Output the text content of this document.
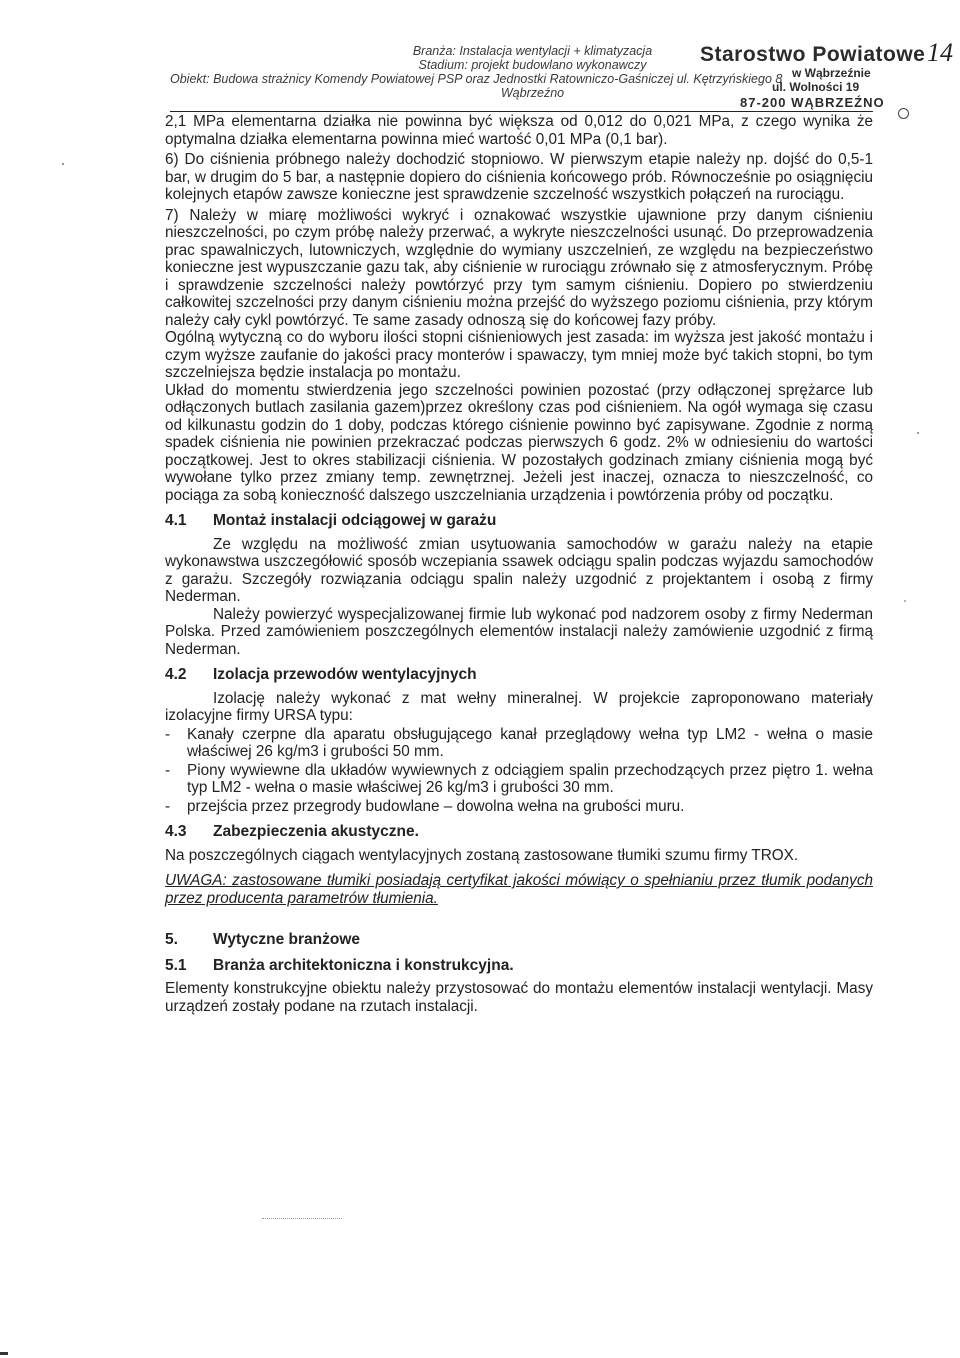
Branża: Instalacja wentylacji + klimatyzacja
Stadium: projekt budowlano wykonawczy
Obiekt: Budowa strażnicy Komendy Powiatowej PSP oraz Jednostki Ratowniczo-Gaśniczej ul. Kętrzyńskiego 8
Wąbrzeźno
Starostwo Powiatowe
w Wąbrzeźnie
ul. Wolności 19
87-200 WĄBRZEŹNO
14

2,1 MPa elementarna działka nie powinna być większa od 0,012 do 0,021 MPa, z czego wynika że optymalna działka elementarna powinna mieć wartość 0,01 MPa (0,1 bar).

6) Do ciśnienia próbnego należy dochodzić stopniowo. W pierwszym etapie należy np. dojść do 0,5-1 bar, w drugim do 5 bar, a następnie dopiero do ciśnienia końcowego prób. Równocześnie po osiągnięciu kolejnych etapów zawsze konieczne jest sprawdzenie szczelność wszystkich połączeń na rurociągu.

7) Należy w miarę możliwości wykryć i oznakować wszystkie ujawnione przy danym ciśnieniu nieszczelności, po czym próbę należy przerwać, a wykryte nieszczelności usunąć. Do przeprowadzenia prac spawalniczych, lutowniczych, względnie do wymiany uszczelnień, ze względu na bezpieczeństwo konieczne jest wypuszczanie gazu tak, aby ciśnienie w rurociągu zrównało się z atmosferycznym. Próbę i sprawdzenie szczelności należy powtórzyć przy tym samym ciśnieniu. Dopiero po stwierdzeniu całkowitej szczelności przy danym ciśnieniu można przejść do wyższego poziomu ciśnienia, przy którym należy cały cykl powtórzyć. Te same zasady odnoszą się do końcowej fazy próby.

Ogólną wytyczną co do wyboru ilości stopni ciśnieniowych jest zasada: im wyższa jest jakość montażu i czym wyższe zaufanie do jakości pracy monterów i spawaczy, tym mniej może być takich stopni, bo tym szczelniejsza będzie instalacja po montażu.

Układ do momentu stwierdzenia jego szczelności powinien pozostać (przy odłączonej sprężarce lub odłączonych butlach zasilania gazem)przez określony czas pod ciśnieniem. Na ogół wymaga się czasu od kilkunastu godzin do 1 doby, podczas którego ciśnienie powinno być zapisywane. Zgodnie z normą spadek ciśnienia nie powinien przekraczać podczas pierwszych 6 godz. 2% w odniesieniu do wartości początkowej. Jest to okres stabilizacji ciśnienia. W pozostałych godzinach zmiany ciśnienia mogą być wywołane tylko przez zmiany temp. zewnętrznej. Jeżeli jest inaczej, oznacza to nieszczelność, co pociąga za sobą konieczność dalszego uszczelniania urządzenia i powtórzenia próby od początku.

4.1 Montaż instalacji odciągowej w garażu

Ze względu na możliwość zmian usytuowania samochodów w garażu należy na etapie wykonawstwa uszczegółowić sposób wczepiania ssawek odciągu spalin podczas wyjazdu samochodów z garażu. Szczegóły rozwiązania odciągu spalin należy uzgodnić z projektantem i osobą z firmy Nederman.

Należy powierzyć wyspecjalizowanej firmie lub wykonać pod nadzorem osoby z firmy Nederman Polska. Przed zamówieniem poszczególnych elementów instalacji należy zamówienie uzgodnić z firmą Nederman.

4.2 Izolacja przewodów wentylacyjnych

Izolację należy wykonać z mat wełny mineralnej. W projekcie zaproponowano materiały izolacyjne firmy URSA typu:

-	Kanały czerpne dla aparatu obsługującego kanał przeglądowy wełna typ LM2 - wełna o masie właściwej 26 kg/m3 i grubości 50 mm.
-	Piony wywiewne dla układów wywiewnych z odciągiem spalin przechodzących przez piętro 1. wełna typ LM2 - wełna o masie właściwej 26 kg/m3 i grubości 30 mm.
-	przejścia przez przegrody budowlane – dowolna wełna na grubości muru.
4.3 Zabezpieczenia akustyczne.

Na poszczególnych ciągach wentylacyjnych zostaną zastosowane tłumiki szumu firmy TROX.

UWAGA: zastosowane tłumiki posiadają certyfikat jakości mówiący o spełnianiu przez tłumik podanych przez producenta parametrów tłumienia.

5. Wytyczne branżowe
5.1 Branża architektoniczna i konstrukcyjna.

Elementy konstrukcyjne obiektu należy przystosować do montażu elementów instalacji wentylacji. Masy urządzeń zostały podane na rzutach instalacji.
